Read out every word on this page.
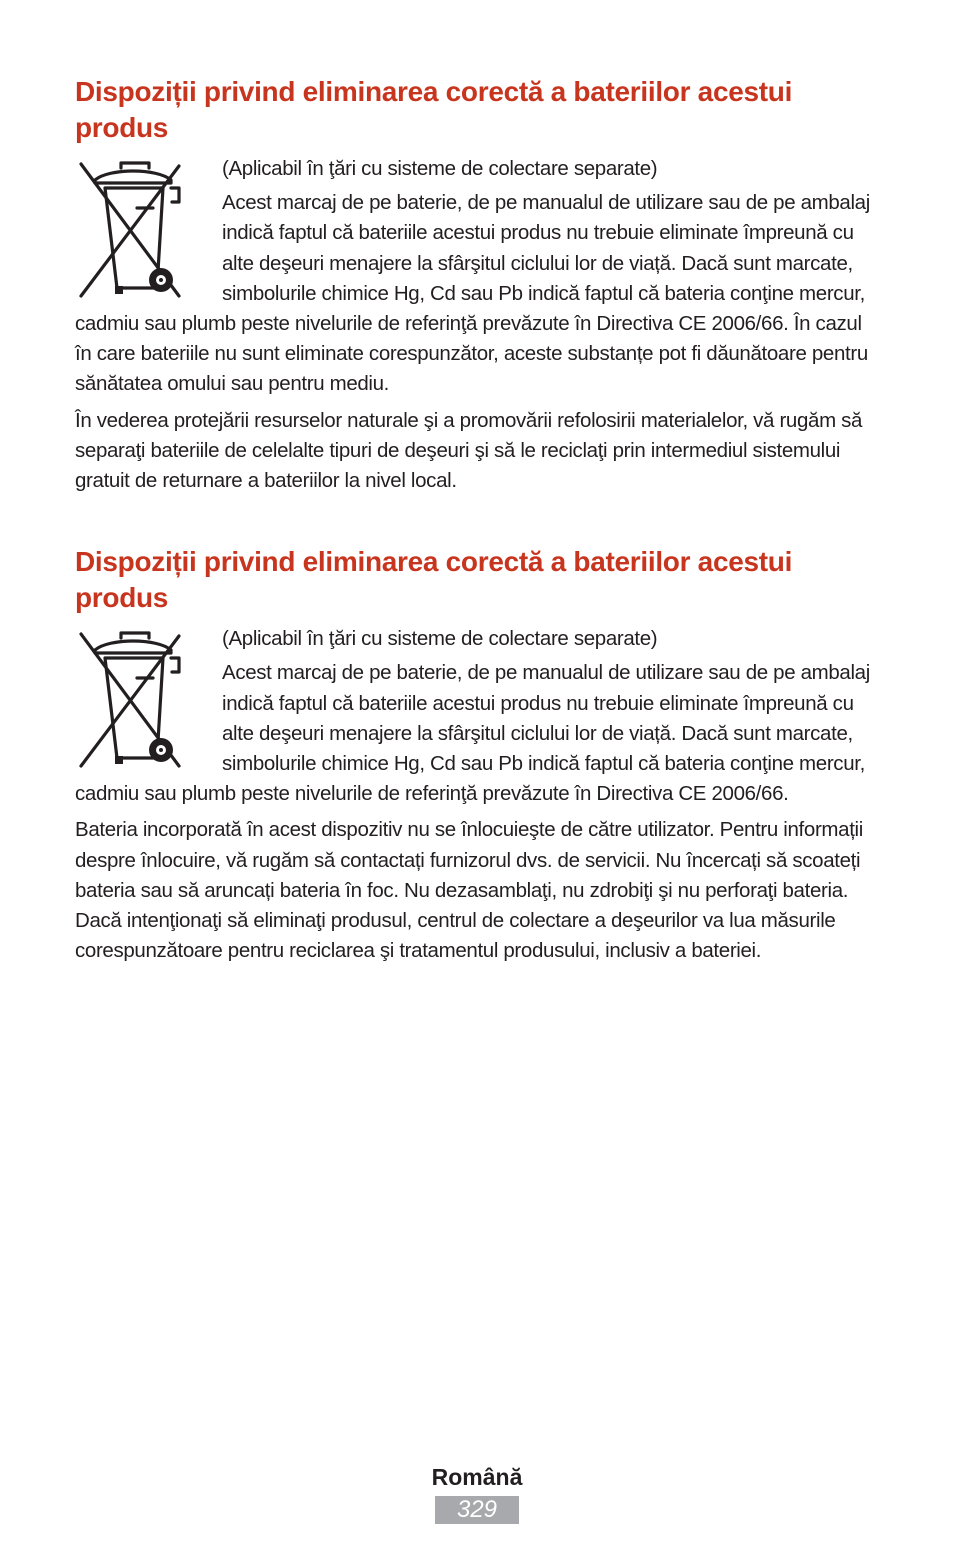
Dispoziții privind eliminarea corectă a bateriilor acestui produs

(Aplicabil în ţări cu sisteme de colectare separate)

Acest marcaj de pe baterie, de pe manualul de utilizare sau de pe ambalaj indică faptul că bateriile acestui produs nu trebuie eliminate împreună cu alte deşeuri menajere la sfârşitul ciclului lor de viață. Dacă sunt marcate, simbolurile chimice Hg, Cd sau Pb indică faptul că bateria conţine mercur, cadmiu sau plumb peste nivelurile de referinţă prevăzute în Directiva CE 2006/66. În cazul în care bateriile nu sunt eliminate corespunzător, aceste substanțe pot fi dăunătoare pentru sănătatea omului sau pentru mediu.

În vederea protejării resurselor naturale şi a promovării refolosirii materialelor, vă rugăm să separaţi bateriile de celelalte tipuri de deşeuri şi să le reciclaţi prin intermediul sistemului gratuit de returnare a bateriilor la nivel local.

Dispoziții privind eliminarea corectă a bateriilor acestui produs

(Aplicabil în ţări cu sisteme de colectare separate)

Acest marcaj de pe baterie, de pe manualul de utilizare sau de pe ambalaj indică faptul că bateriile acestui produs nu trebuie eliminate împreună cu alte deşeuri menajere la sfârşitul ciclului lor de viață. Dacă sunt marcate, simbolurile chimice Hg, Cd sau Pb indică faptul că bateria conţine mercur, cadmiu sau plumb peste nivelurile de referinţă prevăzute în Directiva CE 2006/66.

Bateria incorporată în acest dispozitiv nu se înlocuieşte de către utilizator. Pentru informații despre înlocuire, vă rugăm să contactați furnizorul dvs. de servicii. Nu încercați să scoateți bateria sau să aruncați bateria în foc. Nu dezasamblaţi, nu zdrobiţi şi nu perforaţi bateria. Dacă intenţionaţi să eliminaţi produsul, centrul de colectare a deşeurilor va lua măsurile corespunzătoare pentru reciclarea şi tratamentul produsului, inclusiv a bateriei.

Română
329
